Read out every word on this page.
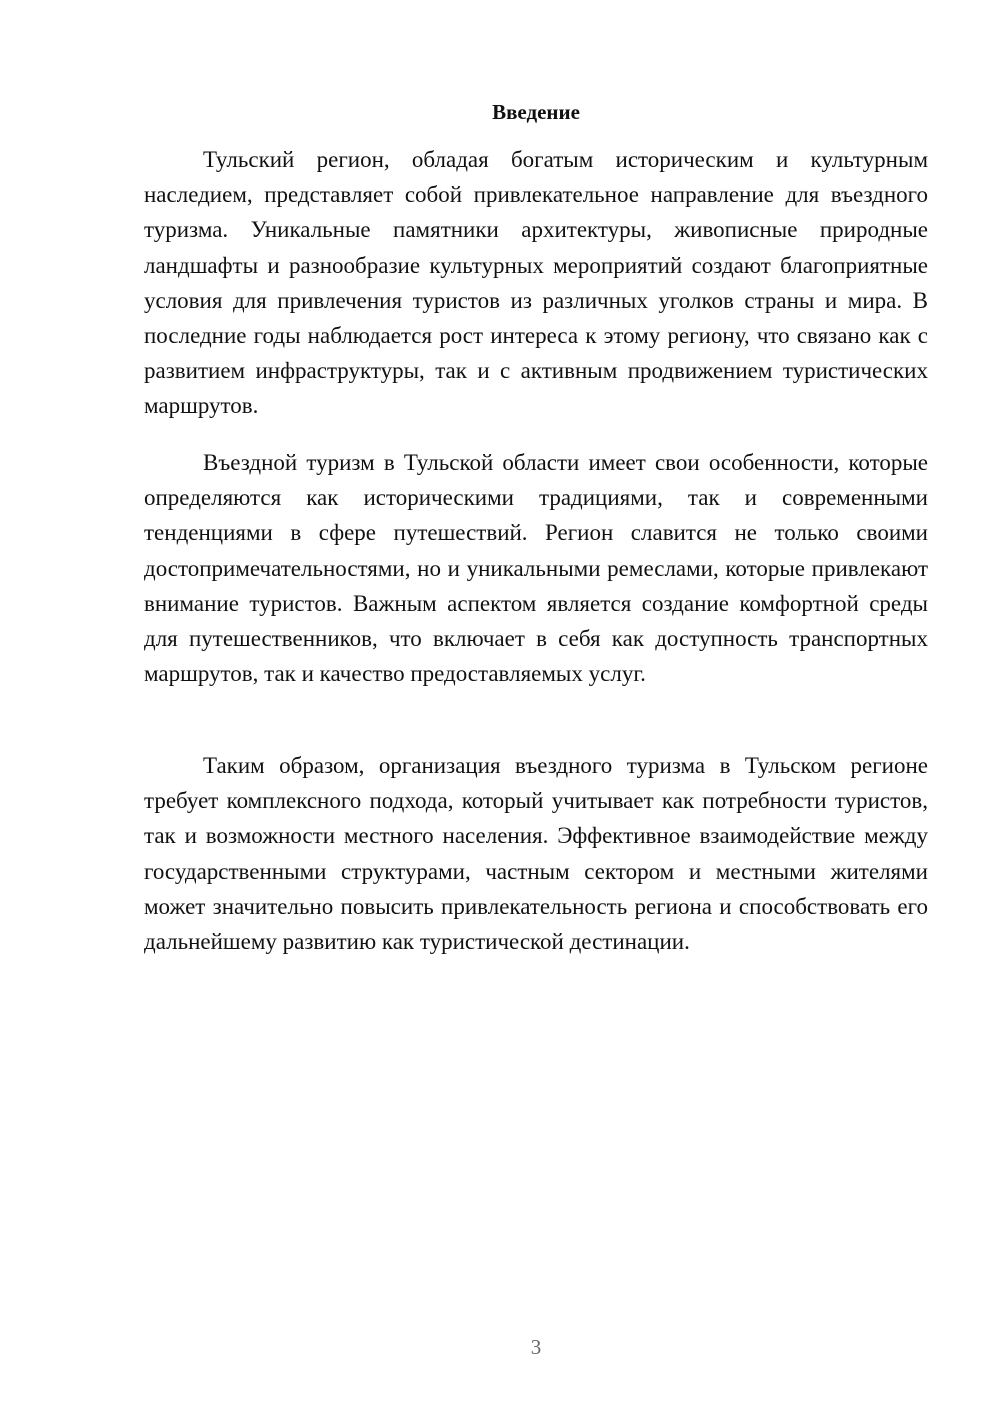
Введение

Тульский регион, обладая богатым историческим и культурным наследием, представляет собой привлекательное направление для въездного туризма. Уникальные памятники архитектуры, живописные природные ландшафты и разнообразие культурных мероприятий создают благоприятные условия для привлечения туристов из различных уголков страны и мира. В последние годы наблюдается рост интереса к этому региону, что связано как с развитием инфраструктуры, так и с активным продвижением туристических маршрутов.

Въездной туризм в Тульской области имеет свои особенности, которые определяются как историческими традициями, так и современными тенденциями в сфере путешествий. Регион славится не только своими достопримечательностями, но и уникальными ремеслами, которые привлекают внимание туристов. Важным аспектом является создание комфортной среды для путешественников, что включает в себя как доступность транспортных маршрутов, так и качество предоставляемых услуг.

Таким образом, организация въездного туризма в Тульском регионе требует комплексного подхода, который учитывает как потребности туристов, так и возможности местного населения. Эффективное взаимодействие между государственными структурами, частным сектором и местными жителями может значительно повысить привлекательность региона и способствовать его дальнейшему развитию как туристической дестинации.

3
